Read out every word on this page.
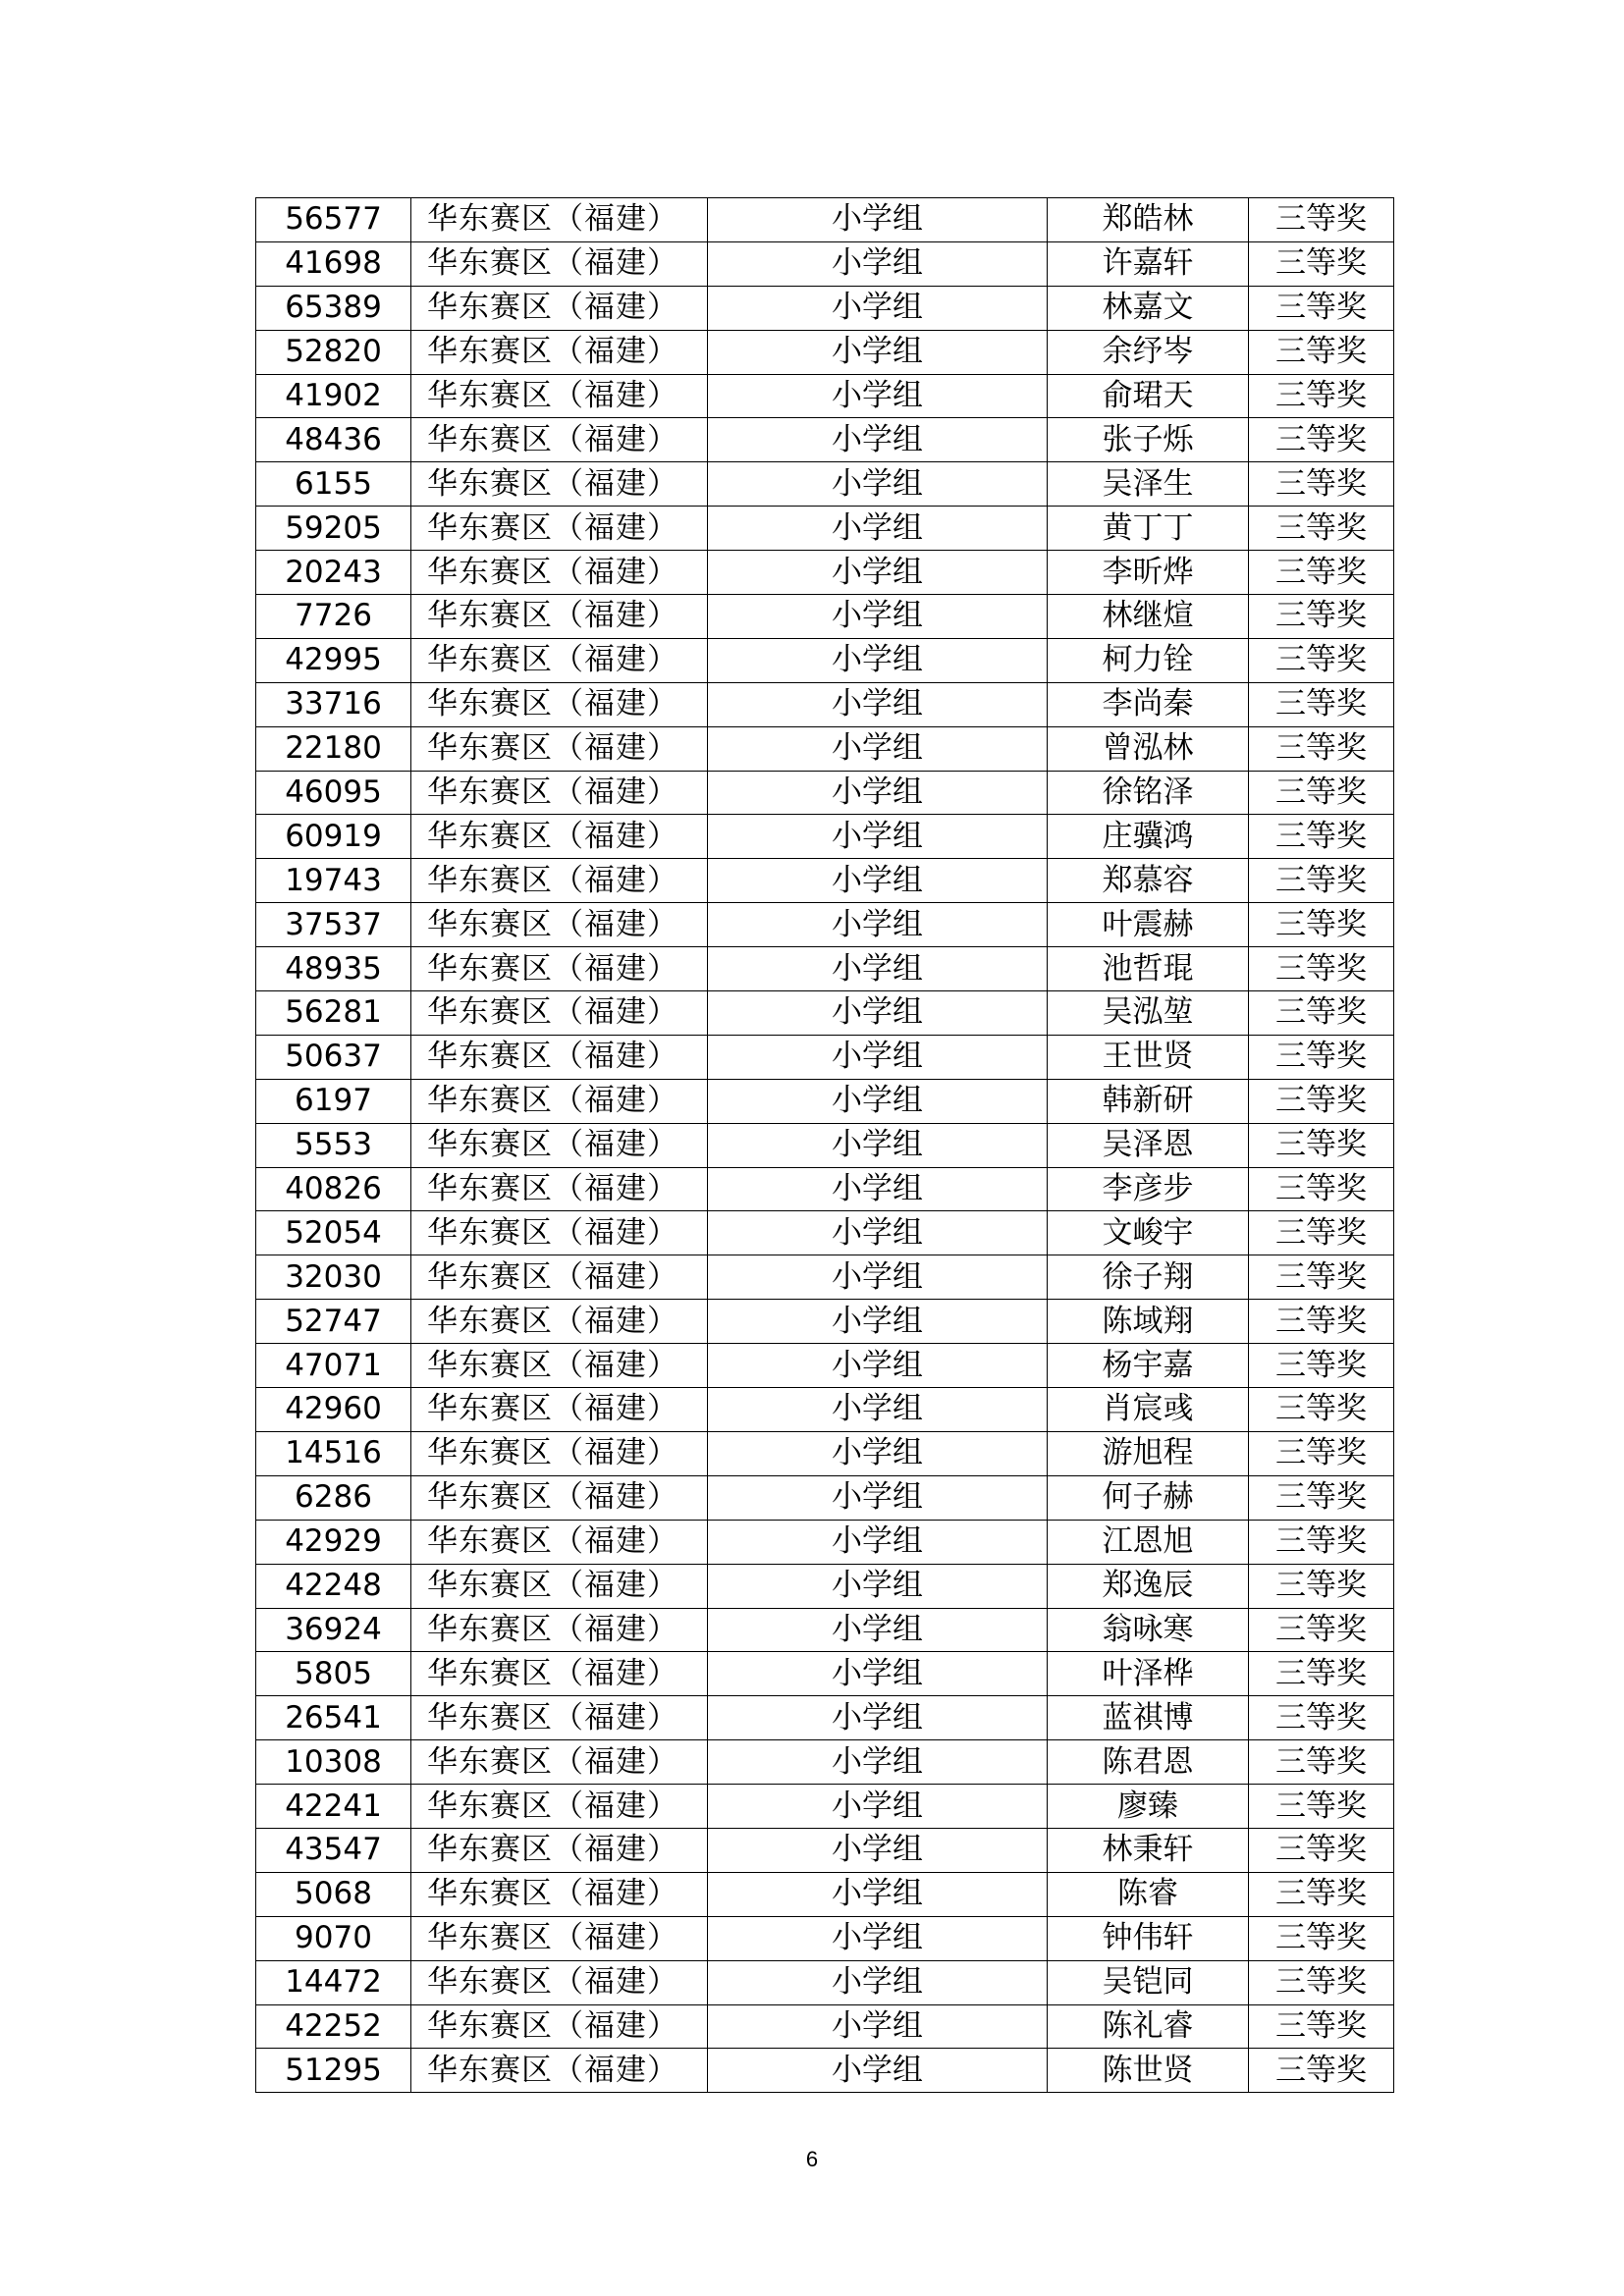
56577	华东赛区（福建）	小学组	郑皓林	三等奖
41698	华东赛区（福建）	小学组	许嘉轩	三等奖
65389	华东赛区（福建）	小学组	林嘉文	三等奖
52820	华东赛区（福建）	小学组	余纾岑	三等奖
41902	华东赛区（福建）	小学组	俞珺天	三等奖
48436	华东赛区（福建）	小学组	张子烁	三等奖
6155	华东赛区（福建）	小学组	吴泽生	三等奖
59205	华东赛区（福建）	小学组	黄丁丁	三等奖
20243	华东赛区（福建）	小学组	李昕烨	三等奖
7726	华东赛区（福建）	小学组	林继煊	三等奖
42995	华东赛区（福建）	小学组	柯力铨	三等奖
33716	华东赛区（福建）	小学组	李尚秦	三等奖
22180	华东赛区（福建）	小学组	曾泓林	三等奖
46095	华东赛区（福建）	小学组	徐铭泽	三等奖
60919	华东赛区（福建）	小学组	庄骥鸿	三等奖
19743	华东赛区（福建）	小学组	郑慕容	三等奖
37537	华东赛区（福建）	小学组	叶震赫	三等奖
48935	华东赛区（福建）	小学组	池哲琨	三等奖
56281	华东赛区（福建）	小学组	吴泓堃	三等奖
50637	华东赛区（福建）	小学组	王世贤	三等奖
6197	华东赛区（福建）	小学组	韩新研	三等奖
5553	华东赛区（福建）	小学组	吴泽恩	三等奖
40826	华东赛区（福建）	小学组	李彦步	三等奖
52054	华东赛区（福建）	小学组	文峻宇	三等奖
32030	华东赛区（福建）	小学组	徐子翔	三等奖
52747	华东赛区（福建）	小学组	陈域翔	三等奖
47071	华东赛区（福建）	小学组	杨宇嘉	三等奖
42960	华东赛区（福建）	小学组	肖宸彧	三等奖
14516	华东赛区（福建）	小学组	游旭程	三等奖
6286	华东赛区（福建）	小学组	何子赫	三等奖
42929	华东赛区（福建）	小学组	江恩旭	三等奖
42248	华东赛区（福建）	小学组	郑逸辰	三等奖
36924	华东赛区（福建）	小学组	翁咏寒	三等奖
5805	华东赛区（福建）	小学组	叶泽桦	三等奖
26541	华东赛区（福建）	小学组	蓝祺博	三等奖
10308	华东赛区（福建）	小学组	陈君恩	三等奖
42241	华东赛区（福建）	小学组	廖臻	三等奖
43547	华东赛区（福建）	小学组	林秉轩	三等奖
5068	华东赛区（福建）	小学组	陈睿	三等奖
9070	华东赛区（福建）	小学组	钟伟轩	三等奖
14472	华东赛区（福建）	小学组	吴铠同	三等奖
42252	华东赛区（福建）	小学组	陈礼睿	三等奖
51295	华东赛区（福建）	小学组	陈世贤	三等奖
6
